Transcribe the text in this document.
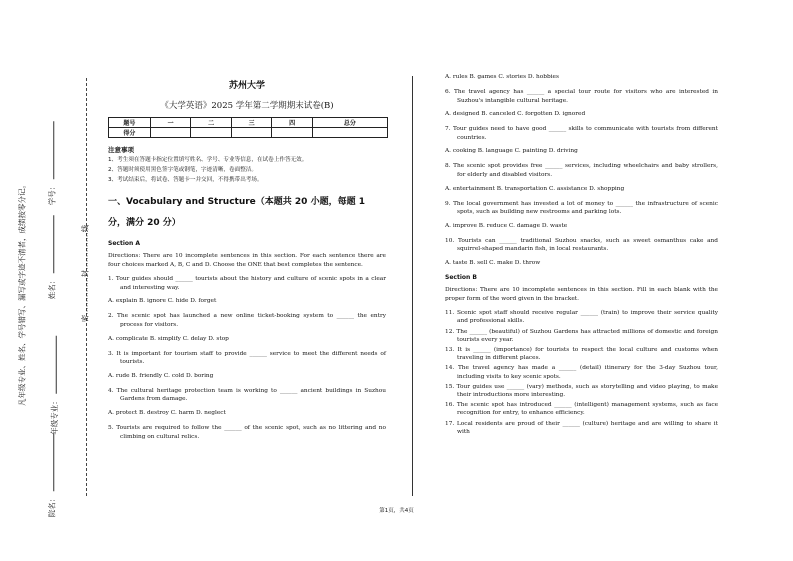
密……………封……………线
凡年级专业、姓名、学号错写、漏写或字迹不清者，成绩按零分记。	学号：
姓名：
年级专业：
院名：
苏州大学
《大学英语》2025 学年第二学期期末试卷(B)
题号	一	二	三	四	总分
得分					
注意事项

1、考生须在答题卡指定位置填写姓名、学号、专业等信息，在试卷上作答无效。

2、答题时须使用黑色签字笔或钢笔，字迹清晰，卷面整洁。

3、考试结束后，将试卷、答题卡一并交回，不得携带出考场。

一、Vocabulary and Structure（本题共 20 小题，每题 1 分，满分 20 分）
Section A

Directions: There are 10 incomplete sentences in this section. For each sentence there are four choices marked A, B, C and D. Choose the ONE that best completes the sentence.

1. Tour guides should ______ tourists about the history and culture of scenic spots in a clear and interesting way.

A. explain B. ignore C. hide D. forget

2. The scenic spot has launched a new online ticket-booking system to ______ the entry process for visitors.

A. complicate B. simplify C. delay D. stop

3. It is important for tourism staff to provide ______ service to meet the different needs of tourists.

A. rude B. friendly C. cold D. boring

4. The cultural heritage protection team is working to ______ ancient buildings in Suzhou Gardens from damage.

A. protect B. destroy C. harm D. neglect

5. Tourists are required to follow the ______ of the scenic spot, such as no littering and no climbing on cultural relics.

A. rules B. games C. stories D. hobbies

6. The travel agency has ______ a special tour route for visitors who are interested in Suzhou's intangible cultural heritage.

A. designed B. canceled C. forgotten D. ignored

7. Tour guides need to have good ______ skills to communicate with tourists from different countries.

A. cooking B. language C. painting D. driving

8. The scenic spot provides free ______ services, including wheelchairs and baby strollers, for elderly and disabled visitors.

A. entertainment B. transportation C. assistance D. shopping

9. The local government has invested a lot of money to ______ the infrastructure of scenic spots, such as building new restrooms and parking lots.

A. improve B. reduce C. damage D. waste

10. Tourists can ______ traditional Suzhou snacks, such as sweet osmanthus cake and squirrel-shaped mandarin fish, in local restaurants.

A. taste B. sell C. make D. throw

Section B

Directions: There are 10 incomplete sentences in this section. Fill in each blank with the proper form of the word given in the bracket.

11. Scenic spot staff should receive regular ______ (train) to improve their service quality and professional skills.

12. The ______ (beautiful) of Suzhou Gardens has attracted millions of domestic and foreign tourists every year.

13. It is ______ (importance) for tourists to respect the local culture and customs when traveling in different places.

14. The travel agency has made a ______ (detail) itinerary for the 3-day Suzhou tour, including visits to key scenic spots.

15. Tour guides use ______ (vary) methods, such as storytelling and video playing, to make their introductions more interesting.

16. The scenic spot has introduced ______ (intelligent) management systems, such as face recognition for entry, to enhance efficiency.

17. Local residents are proud of their ______ (culture) heritage and are willing to share it with

第1页，共4页
